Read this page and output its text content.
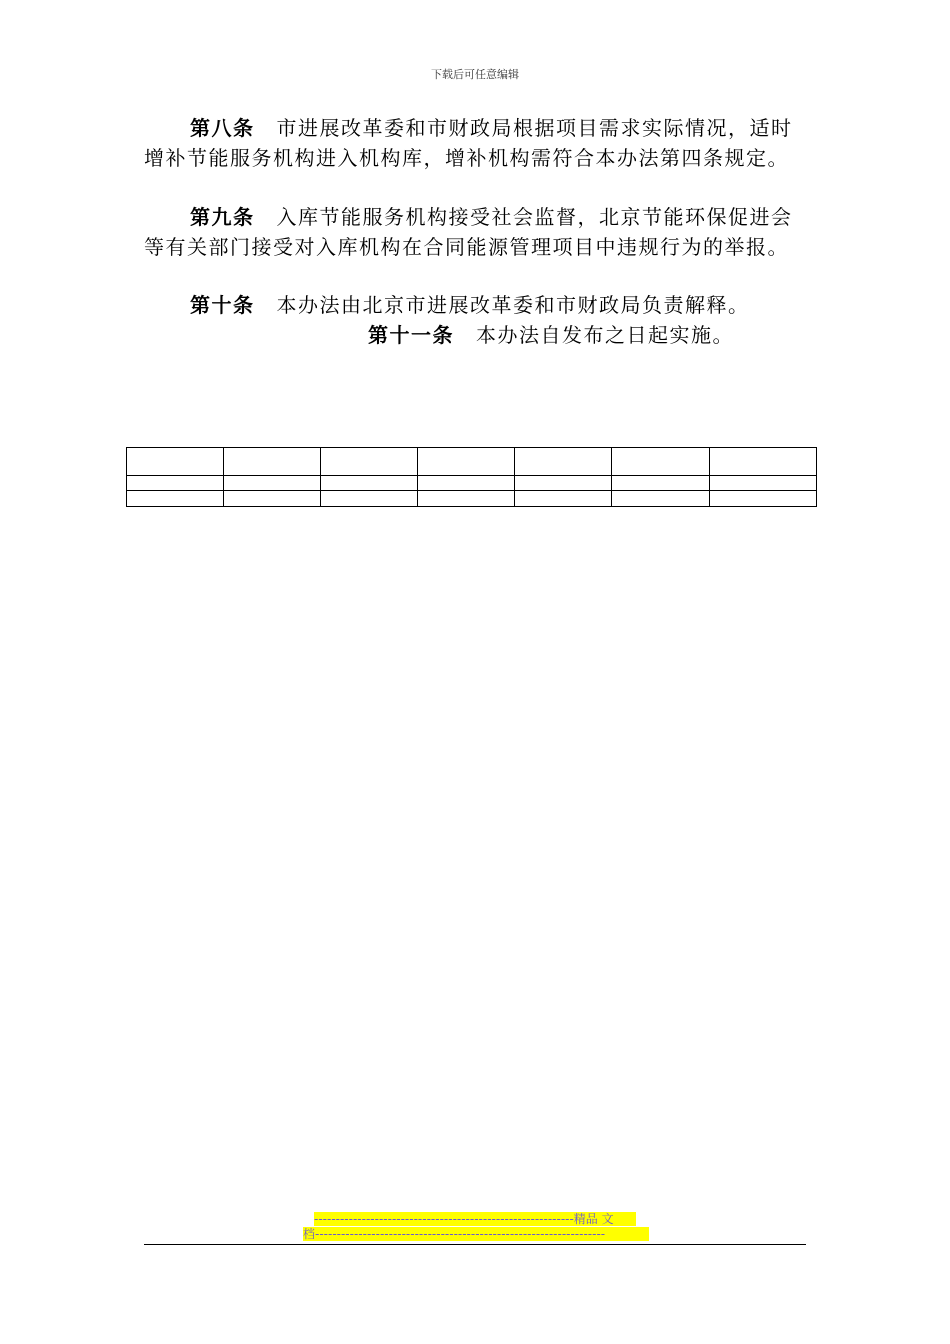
下载后可任意编辑

第八条 市进展改革委和市财政局根据项目需求实际情况，适时增补节能服务机构进入机构库，增补机构需符合本办法第四条规定。

第九条 入库节能服务机构接受社会监督，北京节能环保促进会等有关部门接受对入库机构在合同能源管理项目中违规行为的举报。

第十条 本办法由北京市进展改革委和市财政局负责解释。

第十一条 本办法自发布之日起实施。

------------------------------------------------------------精品 文
档-------------------------------------------------------------------
